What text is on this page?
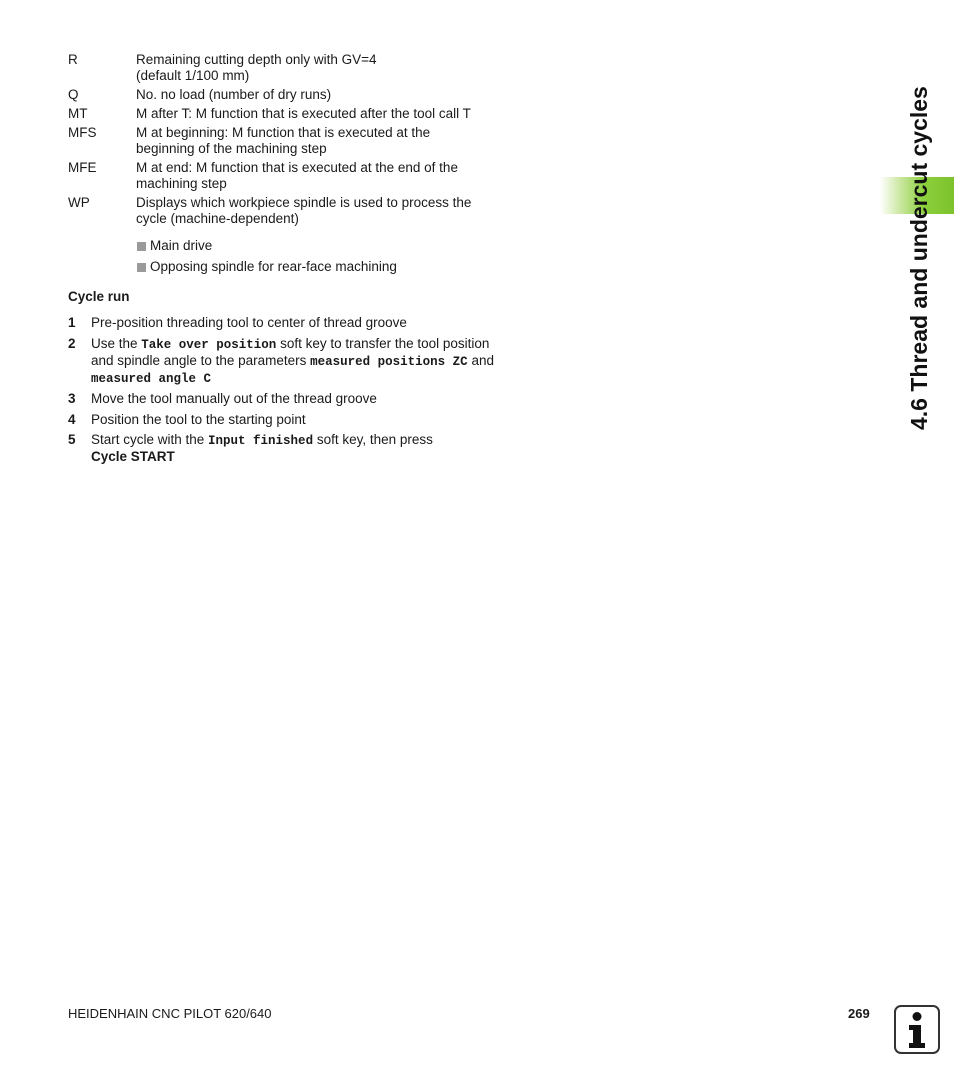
R	Remaining cutting depth only with GV=4
(default 1/100 mm)
Q	No. no load (number of dry runs)
MT	M after T: M function that is executed after the tool call T
MFS	M at beginning: M function that is executed at the
beginning of the machining step
MFE	M at end: M function that is executed at the end of the
machining step
WP	Displays which workpiece spindle is used to process the
cycle (machine-dependent)
Main drive
Opposing spindle for rear-face machining
Cycle run
1	Pre-position threading tool to center of thread groove
2	Use the Take over position soft key to transfer the tool position
and spindle angle to the parameters measured positions ZC and
measured angle C
3	Move the tool manually out of the thread groove
4	Position the tool to the starting point
5	Start cycle with the Input finished soft key, then press
Cycle START
4.6 Thread and undercut cycles
HEIDENHAIN CNC PILOT 620/640	269
